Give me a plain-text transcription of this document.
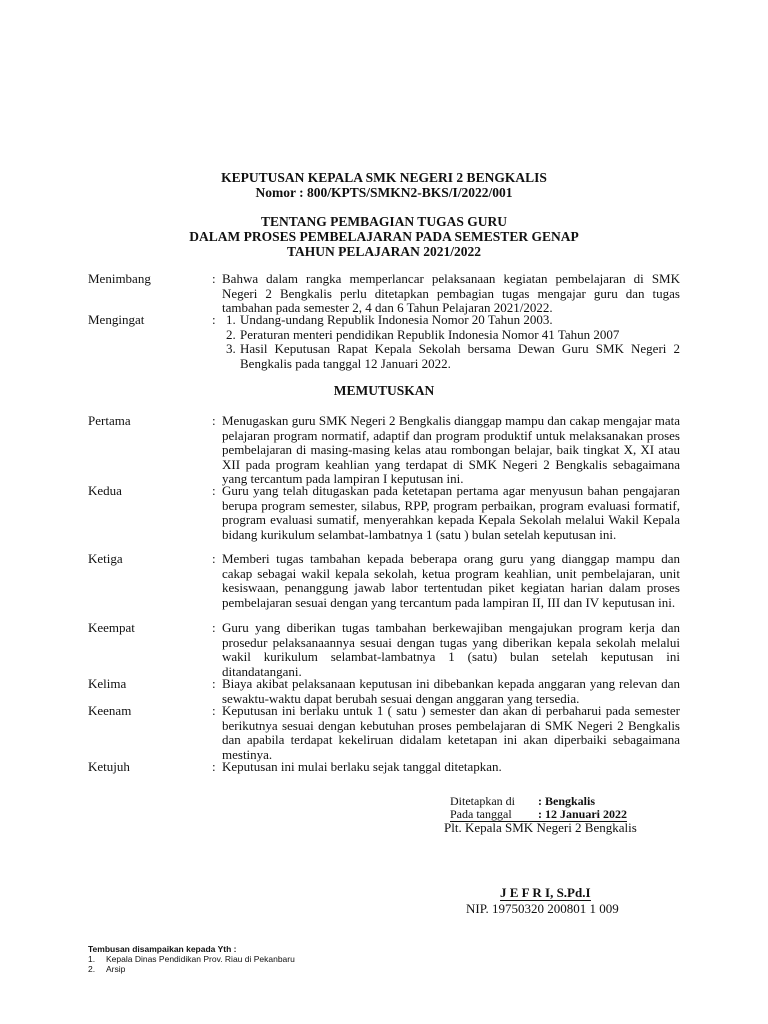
KEPUTUSAN KEPALA SMK NEGERI 2 BENGKALIS
Nomor : 800/KPTS/SMKN2-BKS/I/2022/001
TENTANG PEMBAGIAN TUGAS GURU
DALAM PROSES PEMBELAJARAN PADA SEMESTER GENAP
TAHUN PELAJARAN 2021/2022
Menimbang	: Bahwa dalam rangka memperlancar pelaksanaan kegiatan pembelajaran di SMK Negeri 2 Bengkalis perlu ditetapkan pembagian tugas mengajar guru dan tugas tambahan pada semester 2, 4 dan 6 Tahun Pelajaran 2021/2022.
Mengingat	: 1. Undang-undang Republik Indonesia Nomor 20 Tahun 2003.
2. Peraturan menteri pendidikan Republik Indonesia Nomor 41 Tahun 2007
3. Hasil Keputusan Rapat Kepala Sekolah bersama Dewan Guru SMK Negeri 2 Bengkalis pada tanggal 12 Januari 2022.
MEMUTUSKAN
Pertama	: Menugaskan guru SMK Negeri 2 Bengkalis dianggap mampu dan cakap mengajar mata pelajaran program normatif, adaptif dan program produktif untuk melaksanakan proses pembelajaran di masing-masing kelas atau rombongan belajar, baik tingkat X, XI atau XII pada program keahlian yang terdapat di SMK Negeri 2 Bengkalis sebagaimana yang tercantum pada lampiran I keputusan ini.
Kedua	: Guru yang telah ditugaskan pada ketetapan pertama agar menyusun bahan pengajaran berupa program semester, silabus, RPP, program perbaikan, program evaluasi formatif, program evaluasi sumatif, menyerahkan kepada Kepala Sekolah melalui Wakil Kepala bidang kurikulum selambat-lambatnya 1 (satu ) bulan setelah keputusan ini.
Ketiga	: Memberi tugas tambahan kepada beberapa orang guru yang dianggap mampu dan cakap sebagai wakil kepala sekolah, ketua program keahlian, unit pembelajaran, unit kesiswaan, penanggung jawab labor tertentudan piket kegiatan harian dalam proses pembelajaran sesuai dengan yang tercantum pada lampiran II, III dan IV keputusan ini.
Keempat	: Guru yang diberikan tugas tambahan berkewajiban mengajukan program kerja dan prosedur pelaksanaannya sesuai dengan tugas yang diberikan kepala sekolah melalui wakil kurikulum selambat-lambatnya 1 (satu) bulan setelah keputusan ini ditandatangani.
Kelima	: Biaya akibat pelaksanaan keputusan ini dibebankan kepada anggaran yang relevan dan sewaktu-waktu dapat berubah sesuai dengan anggaran yang tersedia.
Keenam	: Keputusan ini berlaku untuk 1 ( satu ) semester dan akan di perbaharui pada semester berikutnya sesuai dengan kebutuhan proses pembelajaran di SMK Negeri 2 Bengkalis dan apabila terdapat kekeliruan didalam ketetapan ini akan diperbaiki sebagaimana mestinya.
Ketujuh	: Keputusan ini mulai berlaku sejak tanggal ditetapkan.
Ditetapkan di : Bengkalis
Pada tanggal : 12 Januari 2022
Plt. Kepala SMK Negeri 2 Bengkalis
J E F R I, S.Pd.I
NIP. 19750320 200801 1 009
Tembusan disampaikan kepada Yth :
1. Kepala Dinas Pendidikan Prov. Riau di Pekanbaru
2. Arsip
